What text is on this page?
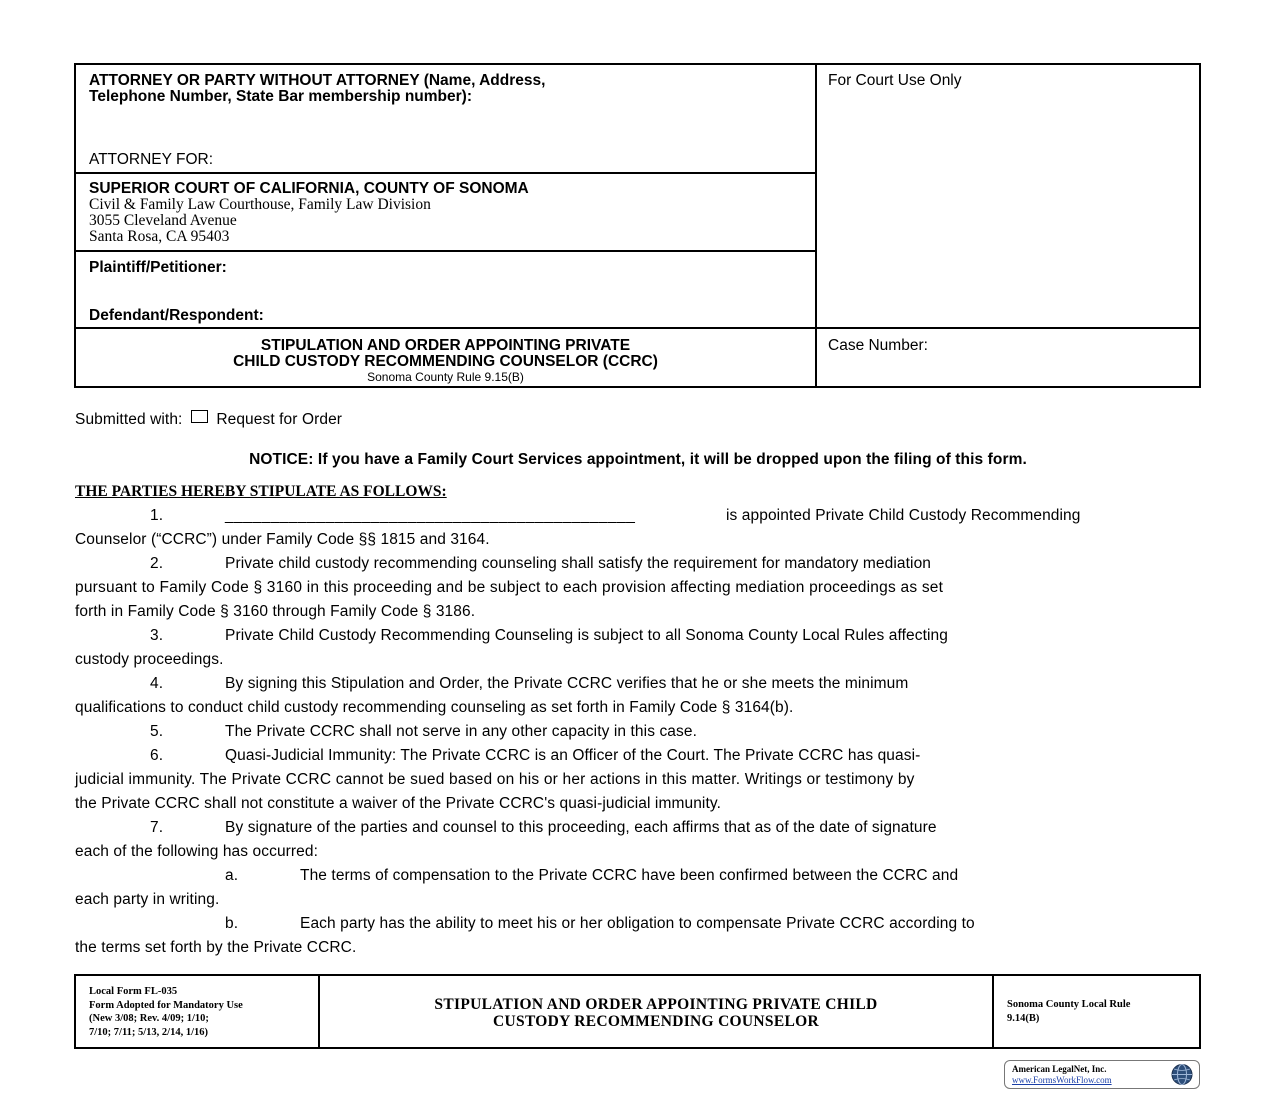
ATTORNEY OR PARTY WITHOUT ATTORNEY (Name, Address,
Telephone Number, State Bar membership number):
ATTORNEY FOR:
For Court Use Only
SUPERIOR COURT OF CALIFORNIA, COUNTY OF SONOMA
Civil & Family Law Courthouse, Family Law Division
3055 Cleveland Avenue
Santa Rosa, CA 95403
Plaintiff/Petitioner:
Defendant/Respondent:
STIPULATION AND ORDER APPOINTING PRIVATE
CHILD CUSTODY RECOMMENDING COUNSELOR (CCRC)
Sonoma County Rule 9.15(B)
Case Number:
Submitted with: Request for Order
NOTICE: If you have a Family Court Services appointment, it will be dropped upon the filing of this form.
THE PARTIES HEREBY STIPULATE AS FOLLOWS:
1.	_____________________________________________	is appointed Private Child Custody Recommending
Counselor (“CCRC”) under Family Code §§ 1815 and 3164.
2.	Private child custody recommending counseling shall satisfy the requirement for mandatory mediation
pursuant to Family Code § 3160 in this proceeding and be subject to each provision affecting mediation proceedings as set
forth in Family Code § 3160 through Family Code § 3186.
3.	Private Child Custody Recommending Counseling is subject to all Sonoma County Local Rules affecting
custody proceedings.
4.	By signing this Stipulation and Order, the Private CCRC verifies that he or she meets the minimum
qualifications to conduct child custody recommending counseling as set forth in Family Code § 3164(b).
5.	The Private CCRC shall not serve in any other capacity in this case.
6.	Quasi-Judicial Immunity: The Private CCRC is an Officer of the Court. The Private CCRC has quasi-
judicial immunity. The Private CCRC cannot be sued based on his or her actions in this matter. Writings or testimony by
the Private CCRC shall not constitute a waiver of the Private CCRC's quasi-judicial immunity.
7.	By signature of the parties and counsel to this proceeding, each affirms that as of the date of signature
each of the following has occurred:
a.	The terms of compensation to the Private CCRC have been confirmed between the CCRC and
each party in writing.
b.	Each party has the ability to meet his or her obligation to compensate Private CCRC according to
the terms set forth by the Private CCRC.
Local Form FL-035
Form Adopted for Mandatory Use
(New 3/08; Rev. 4/09; 1/10;
7/10; 7/11; 5/13, 2/14, 1/16)
STIPULATION AND ORDER APPOINTING PRIVATE CHILD
CUSTODY RECOMMENDING COUNSELOR
Sonoma County Local Rule
9.14(B)
American LegalNet, Inc.
www.FormsWorkFlow.com
